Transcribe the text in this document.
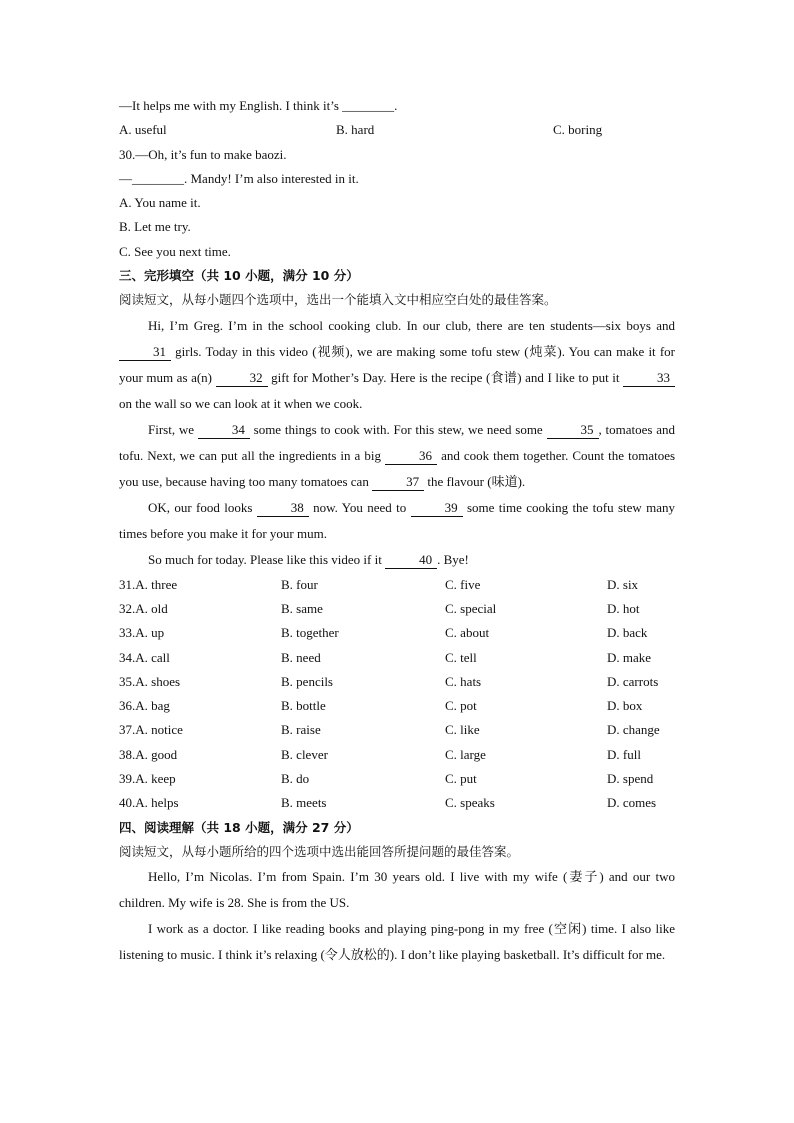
—It helps me with my English. I think it’s ________.
A. useful	B. hard	C. boring
30.—Oh, it’s fun to make baozi.
—________. Mandy! I’m also interested in it.
A. You name it.
B. Let me try.
C. See you next time.
三、完形填空（共 10 小题，满分 10 分）
阅读短文，从每小题四个选项中，选出一个能填入文中相应空白处的最佳答案。

Hi, I’m Greg. I’m in the school cooking club. In our club, there are ten students—six boys and 31 girls. Today in this video (视频), we are making some tofu stew (炖菜). You can make it for your mum as a(n)	32 gift for Mother’s Day. Here is the recipe (食谱) and I like to put it	33 on the wall so we can look at it when we cook.

First, we	34 some things to cook with. For this stew, we need some	35 , tomatoes and tofu. Next, we can put all the ingredients in a big	36 and cook them together. Count the tomatoes you use, because having too many tomatoes can	37 the flavour (味道).

OK, our food looks	38 now. You need to	39 some time cooking the tofu stew many times before you make it for your mum.

So much for today. Please like this video if it	40 . Bye!

31.A. three	B. four	C. five	D. six
32.A. old	B. same	C. special	D. hot
33.A. up	B. together	C. about	D. back
34.A. call	B. need	C. tell	D. make
35.A. shoes	B. pencils	C. hats	D. carrots
36.A. bag	B. bottle	C. pot	D. box
37.A. notice	B. raise	C. like	D. change
38.A. good	B. clever	C. large	D. full
39.A. keep	B. do	C. put	D. spend
40.A. helps	B. meets	C. speaks	D. comes
四、阅读理解（共 18 小题，满分 27 分）
阅读短文，从每小题所给的四个选项中选出能回答所提问题的最佳答案。

Hello, I’m Nicolas. I’m from Spain. I’m 30 years old. I live with my wife (妻子) and our two children. My wife is 28. She is from the US.

I work as a doctor. I like reading books and playing ping-pong in my free (空闲) time. I also like listening to music. I think it’s relaxing (令人放松的). I don’t like playing basketball. It’s difficult for me.
